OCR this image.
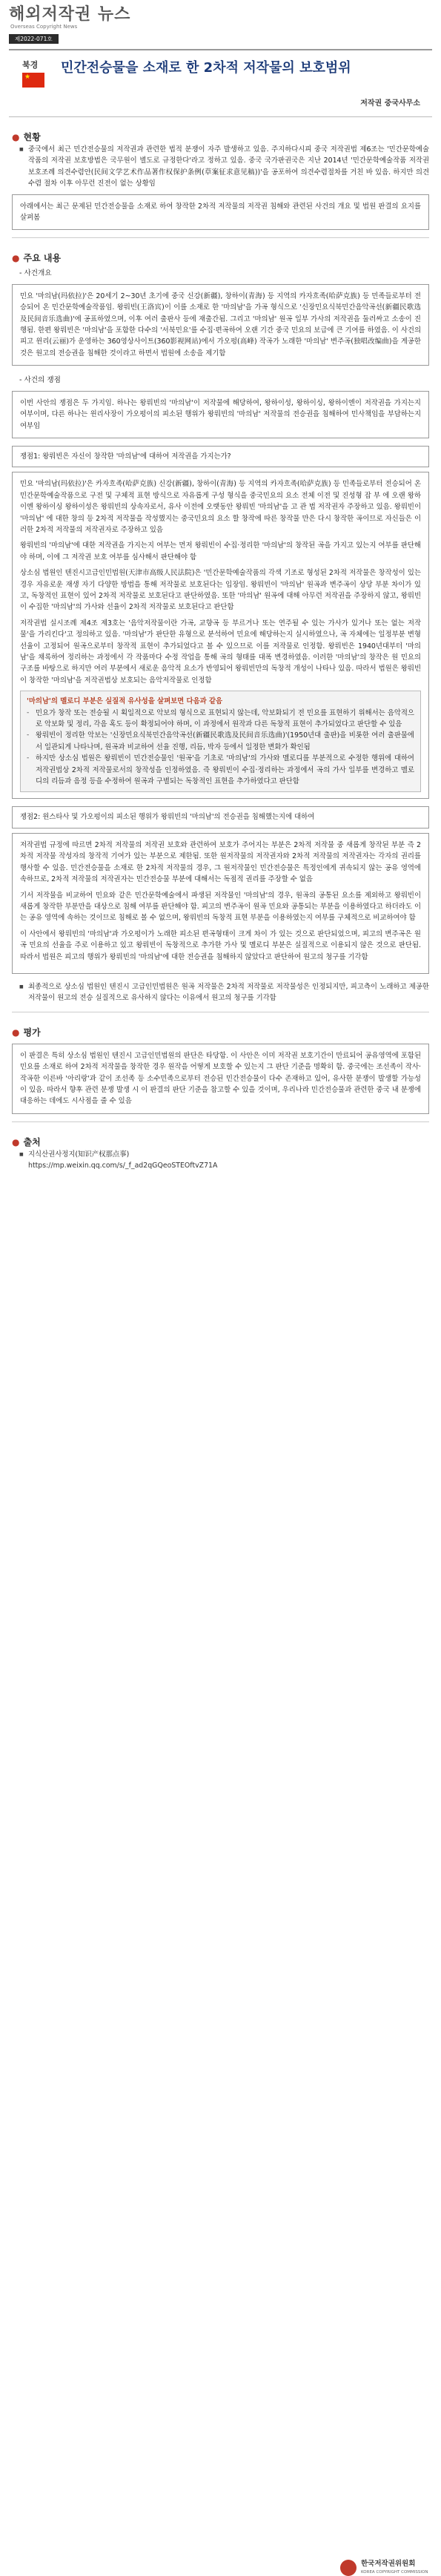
해외저작권 뉴스
Overseas Copyright News
제2022-071호
북경
★
민간전승물을 소재로 한 2차적 저작물의 보호범위
저작권 중국사무소
● 현황
■ 중국에서 최근 민간전승물의 저작권과 관련한 법적 분쟁이 자주 발생하고 있음. 주지하다시피 중국 저작권법 제6조는 '민간문학예술작품의 저작권 보호방법은 국무원이 별도로 규정한다'라고 정하고 있음. 중국 국가판권국은 지난 2014년 '민간문학예술작품 저작권보호조례 의견수렴안(民间文学艺术作品著作权保护条例(草案征求意见稿))'을 공포하여 의견수렴절차를 거친 바 있음. 하지만 의견 수렴 절차 이후 아무런 진전이 없는 상황임
아래에서는 최근 문제된 민간전승물을 소재로 하여 창작한 2차적 저작물의 저작권 침해와 관련된 사건의 개요 및 법원 판결의 요지를 살펴봄
● 주요 내용
- 사건개요
민요 '마의남(玛依拉)'은 20세기 2~30년 초기에 중국 신강(新疆), 창하이(青海) 등 지역의 카자흐족(哈萨克族) 등 민족들로부터 전승되어 온 민간문학예술작품임. 왕뤄빈(王洛宾)이 이를 소재로 한 '마의남'을 가곡 형식으로 '신장민요식북민간음악곡선(新疆民歌选及民间音乐选曲)'에 공표하였으며, 이후 여러 출판사 등에 재출간됨. 그리고 '마의남' 원곡 일부 가사의 저작권을 둘러싸고 소송이 진행됨. 한편 왕뤄빈은 '마의남'을 포함한 다수의 '서북민요'를 수집·편곡하여 오랜 기간 중국 민요의 보급에 큰 기여를 하였음. 이 사건의 피고 윈리(云丽)가 운영하는 360영상사이트(360影视网站)에서 가오펑(高峰) 작곡가 노래한 '마의남' 변주곡(独唱改编曲)을 게공한 것은 원고의 전승권을 침해한 것이라고 하면서 법원에 소송을 제기함
- 사건의 쟁점
이번 사안의 쟁점은 두 가지임. 하나는 왕뤄빈의 '마의남'이 저작물에 해당하여, 왕하이성, 왕하이싱, 왕하이엔이 저작권을 가지는지 여부이며, 다른 하나는 윈리사장이 가오펑이의 피소된 행위가 왕뤄빈의 '마의남' 저작물의 전승권을 침해하여 민사책임을 부담하는지 여부임
쟁점1: 왕뤄빈은 자신이 창작한 '마의남'에 대하여 저작권을 가지는가?

민요 '마의남(玛依拉)'은 카자흐족(哈萨克族) 신강(新疆), 창하이(青海) 등 지역의 카자흐족(哈萨克族) 등 민족들로부터 전승되어 온 민간문학예술작품으로 구전 및 구체적 표현 방식으로 자유롭게 구성 형식을 중국민요의 요소 전체 이전 및 진성형 잡 부 에 오랜 왕하이엔 왕하이싱 왕하이성은 왕뤄빈의 상속자로서, 유사 이전에 오랫동안 왕뤄빈 '마의남'을 고 관 법 저작권자 주장하고 있음. 왕뤄빈이 '마의남' 에 대한 창의 등 2차적 저작물을 작성했지는 중국민요의 요소 할 창작에 따른 창작물 만은 다시 창작한 곡이므로 자신들은 이러한 2차적 저작물의 저작권자로 주장하고 있음

왕뤄빈의 '마의남'에 대한 저작권을 가지는지 여부는 먼저 왕뤄빈이 수집·정리한 '마의남'의 창작된 곡을 가지고 있는지 여부를 판단해야 하며, 이에 그 저작권 보호 여부를 심사해서 판단해야 함

상소심 법원인 텐진시고급인민법원(天津市高级人民法院)은 '민간문학예술작품의 각색 기조로 형성된 2차적 저작물은 창작성이 있는 경우 자유로운 재생 자기 다양한 방법을 통해 저작물로 보호된다는 입장임. 왕뤄빈이 '마의남' 원곡과 변주곡이 상당 부분 차이가 있고, 독창적인 표현이 있어 2차적 저작물로 보호된다고 판단하였음. 또한 '마의남' 원곡에 대해 아무런 저작권을 주장하지 않고, 왕뤄빈이 수집한 '마의남'의 가사와 선율이 2차적 저작물로 보호된다고 판단함

저작권법 실시조례 제4조 제3호는 '음악저작물이란 가곡, 교향곡 등 부르거나 또는 연주될 수 있는 가사가 있거나 또는 없는 저작물'을 가리킨다'고 정의하고 있음. '마의남'가 판단한 유형으로 분석하여 민요에 해당하는지 실시하였으나, 곡 자체에는 일정부분 변형 선율이 고정되어 원곡으로부터 창작적 표현이 추가되었다고 볼 수 있으므로 이를 저작물로 인정함. 왕뤄빈은 1940년대부터 '마의남'을 채록하여 정리하는 과정에서 각 작품마다 수정 작업을 통해 곡의 형태를 대폭 변경하였음. 이러한 '마의남'의 창작은 원 민요의 구조를 바탕으로 하지만 여러 부분에서 새로운 음악적 요소가 반영되어 왕뤄빈만의 독창적 개성이 나타나 있음. 따라서 법원은 왕뤄빈이 창작한 '마의남'을 저작권법상 보호되는 음악저작물로 인정함

'마의남'의 멜로디 부분은 실질적 유사성을 살펴보면 다음과 같음
- 민요가 창작 또는 전승될 시 획일적으로 악보의 형식으로 표현되지 않는데, 악보화되기 전 민요를 표현하기 위해서는 음악적으로 악보화 및 정리, 각음 혹도 등이 확정되어야 하며, 이 과정에서 원작과 다른 독창적 표현이 추가되었다고 판단할 수 있음
- 왕뤄빈이 정리한 악보는 '신장민요식북민간음악곡선(新疆民歌选及民间音乐选曲)'(1950년대 출판)을 비롯한 여러 출판물에서 일관되게 나타나며, 원곡과 비교하여 선율 진행, 리듬, 박자 등에서 일정한 변화가 확인됨
- 하지만 상소심 법원은 왕뤄빈이 민간전승물인 '원곡'을 기초로 '마의남'의 가사와 멜로디를 부분적으로 수정한 행위에 대하여 저작권법상 2차적 저작물로서의 창작성을 인정하였음. 즉 왕뤄빈이 수집·정리하는 과정에서 곡의 가사 일부를 변경하고 멜로디의 리듬과 음정 등을 수정하여 원곡과 구별되는 독창적인 표현을 추가하였다고 판단함
쟁점2: 윈스타사 및 가오펑이의 피소된 행위가 왕뤄빈의 '마의남'의 전승권을 침해했는지에 대하여

저작권법 규정에 따르면 2차적 저작물의 저작권 보호와 관련하여 보호가 주어지는 부분은 2차적 저작물 중 새롭게 창작된 부분 즉 2차적 저작물 작성자의 창작적 기여가 있는 부분으로 제한됨. 또한 원저작물의 저작권자와 2차적 저작물의 저작권자는 각자의 권리를 행사할 수 있음. 민간전승물을 소재로 한 2차적 저작물의 경우, 그 원저작물인 민간전승물은 특정인에게 귀속되지 않는 공유 영역에 속하므로, 2차적 저작물의 저작권자는 민간전승물 부분에 대해서는 독점적 권리를 주장할 수 없음

기서 저작물을 비교하여 민요와 같은 민간문학예술에서 파생된 저작물인 '마의남'의 경우, 원곡의 공통된 요소를 제외하고 왕뤄빈이 새롭게 창작한 부분만을 대상으로 침해 여부를 판단해야 함. 피고의 변주곡이 원곡 민요와 공통되는 부분을 이용하였다고 하더라도 이는 공유 영역에 속하는 것이므로 침해로 볼 수 없으며, 왕뤄빈의 독창적 표현 부분을 이용하였는지 여부를 구체적으로 비교하여야 함

이 사안에서 왕뤄빈의 '마의남'과 가오펑이가 노래한 피소된 편곡형태이 크게 차이 가 있는 것으로 판단되었으며, 피고의 변주곡은 원곡 민요의 선율을 주로 이용하고 있고 왕뤄빈이 독창적으로 추가한 가사 및 멜로디 부분은 실질적으로 이용되지 않은 것으로 판단됨. 따라서 법원은 피고의 행위가 왕뤄빈의 '마의남'에 대한 전승권을 침해하지 않았다고 판단하여 원고의 청구를 기각함

■ 최종적으로 상소심 법원인 텐진시 고급인민법원은 원곡 저작물은 2차적 저작물로 저작물성은 인정되지만, 피고측이 노래하고 제공한 저작물이 원고의 전승 실질적으로 유사하지 않다는 이유에서 원고의 청구를 기각함
● 평가
이 판결은 특히 상소심 법원인 텐진시 고급인민법원의 판단은 타당함. 이 사안은 이미 저작권 보호기간이 만료되어 공유영역에 포함된 민요를 소재로 하여 2차적 저작물을 창작한 경우 원작을 어떻게 보호할 수 있는지 그 판단 기준을 명확히 함. 중국에는 조선족이 작사·작곡한 이른바 '아리랑'과 같이 조선족 등 소수민족으로부터 전승된 민간전승물이 다수 존재하고 있어, 유사한 분쟁이 발생할 가능성이 있음. 따라서 향후 관련 분쟁 발생 시 이 판결의 판단 기준을 참고할 수 있을 것이며, 우리나라 민간전승물과 관련한 중국 내 분쟁에 대응하는 데에도 시사점을 줄 수 있음
● 출처
■ 지식산권사정지(知识产权那点事)
https://mp.weixin.qq.com/s/_f_ad2qGQeoSTEOftvZ71A
한국저작권위원회
KOREA COPYRIGHT COMMISSION
